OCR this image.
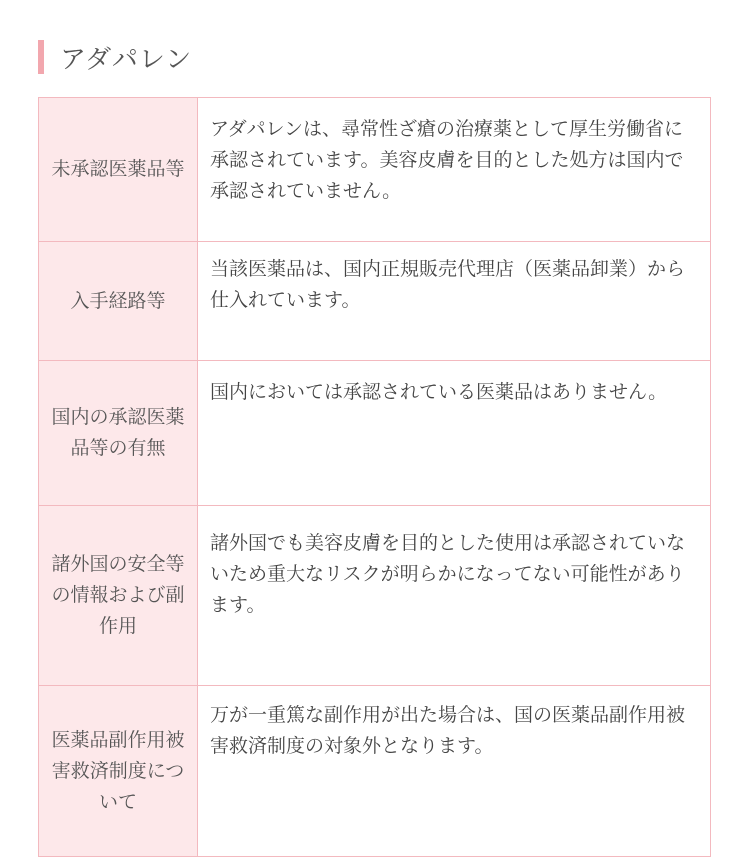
アダパレン
未承認医薬品等	アダパレンは、尋常性ざ瘡の治療薬として厚生労働省に承認されています。美容皮膚を目的とした処方は国内で承認されていません。
入手経路等	当該医薬品は、国内正規販売代理店（医薬品卸業）から仕入れています。
国内の承認医薬品等の有無	国内においては承認されている医薬品はありません。
諸外国の安全等の情報および副作用	諸外国でも美容皮膚を目的とした使用は承認されていないため重大なリスクが明らかになってない可能性があります。
医薬品副作用被害救済制度について	万が一重篤な副作用が出た場合は、国の医薬品副作用被害救済制度の対象外となります。
